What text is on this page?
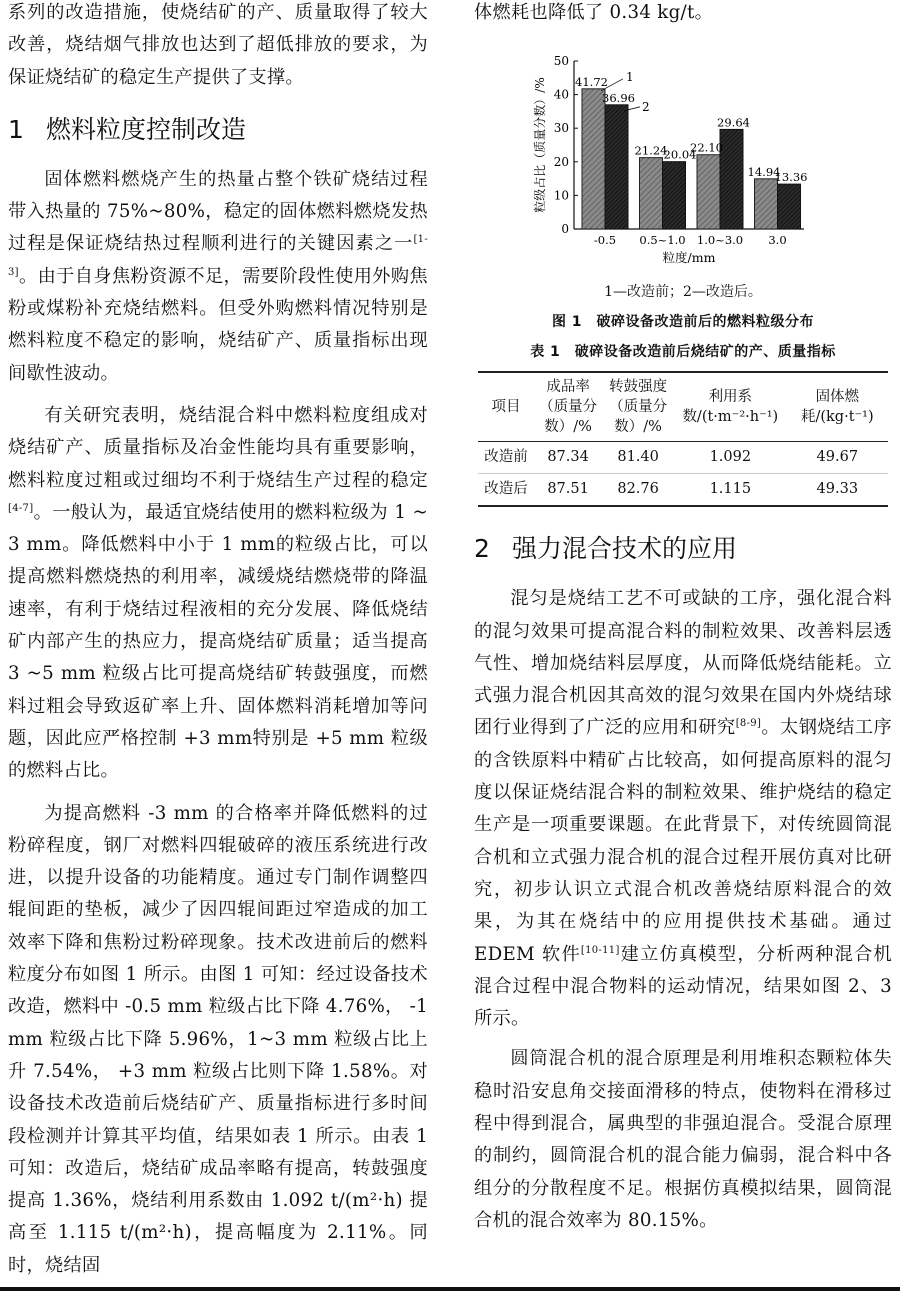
系列的改造措施，使烧结矿的产、质量取得了较大改善，烧结烟气排放也达到了超低排放的要求，为保证烧结矿的稳定生产提供了支撑。

1 燃料粒度控制改造

固体燃料燃烧产生的热量占整个铁矿烧结过程带入热量的 75%~80%，稳定的固体燃料燃烧发热过程是保证烧结热过程顺利进行的关键因素之一[1-3]。由于自身焦粉资源不足，需要阶段性使用外购焦粉或煤粉补充烧结燃料。但受外购燃料情况特别是燃料粒度不稳定的影响，烧结矿产、质量指标出现间歇性波动。

有关研究表明，烧结混合料中燃料粒度组成对烧结矿产、质量指标及冶金性能均具有重要影响，燃料粒度过粗或过细均不利于烧结生产过程的稳定[4-7]。一般认为，最适宜烧结使用的燃料粒级为 1 ~ 3 mm。降低燃料中小于 1 mm的粒级占比，可以提高燃料燃烧热的利用率，减缓烧结燃烧带的降温速率，有利于烧结过程液相的充分发展、降低烧结矿内部产生的热应力，提高烧结矿质量；适当提高 3 ~5 mm 粒级占比可提高烧结矿转鼓强度，而燃料过粗会导致返矿率上升、固体燃料消耗增加等问题，因此应严格控制 +3 mm特别是 +5 mm 粒级的燃料占比。

为提高燃料 -3 mm 的合格率并降低燃料的过粉碎程度，钢厂对燃料四辊破碎的液压系统进行改进，以提升设备的功能精度。通过专门制作调整四辊间距的垫板，减少了因四辊间距过窄造成的加工效率下降和焦粉过粉碎现象。技术改进前后的燃料粒度分布如图 1 所示。由图 1 可知：经过设备技术改造，燃料中 -0.5 mm 粒级占比下降 4.76%， -1 mm 粒级占比下降 5.96%，1~3 mm 粒级占比上升 7.54%， +3 mm 粒级占比则下降 1.58%。对设备技术改造前后烧结矿产、质量指标进行多时间段检测并计算其平均值，结果如表 1 所示。由表 1 可知：改造后，烧结矿成品率略有提高，转鼓强度提高 1.36%，烧结利用系数由 1.092 t/(m²·h) 提高至 1.115 t/(m²·h)，提高幅度为 2.11%。同时，烧结固

体燃耗也降低了 0.34 kg/t。

0
10
20
30
40
50
粒级占比（质量分数）/% 41.72
36.96
-0.5
21.24
20.04
0.5~1.0
22.10
29.64
1.0~3.0
14.94
13.36
3.0
1
2
粒度/mm
1—改造前；2—改造后。
图 1　破碎设备改造前后的燃料粒级分布
表 1　破碎设备改造前后烧结矿的产、质量指标
项目	成品率（质量分数）/%	转鼓强度（质量分数）/%	利用系数/(t·m⁻²·h⁻¹)	固体燃耗/(kg·t⁻¹)
改造前	87.34	81.40	1.092	49.67
改造后	87.51	82.76	1.115	49.33
2 强力混合技术的应用

混匀是烧结工艺不可或缺的工序，强化混合料的混匀效果可提高混合料的制粒效果、改善料层透气性、增加烧结料层厚度，从而降低烧结能耗。立式强力混合机因其高效的混匀效果在国内外烧结球团行业得到了广泛的应用和研究[8-9]。太钢烧结工序的含铁原料中精矿占比较高，如何提高原料的混匀度以保证烧结混合料的制粒效果、维护烧结的稳定生产是一项重要课题。在此背景下，对传统圆筒混合机和立式强力混合机的混合过程开展仿真对比研究，初步认识立式混合机改善烧结原料混合的效果，为其在烧结中的应用提供技术基础。通过 EDEM 软件[10-11]建立仿真模型，分析两种混合机混合过程中混合物料的运动情况，结果如图 2、3所示。

圆筒混合机的混合原理是利用堆积态颗粒体失稳时沿安息角交接面滑移的特点，使物料在滑移过程中得到混合，属典型的非强迫混合。受混合原理的制约，圆筒混合机的混合能力偏弱，混合料中各组分的分散程度不足。根据仿真模拟结果，圆筒混合机的混合效率为 80.15%。
